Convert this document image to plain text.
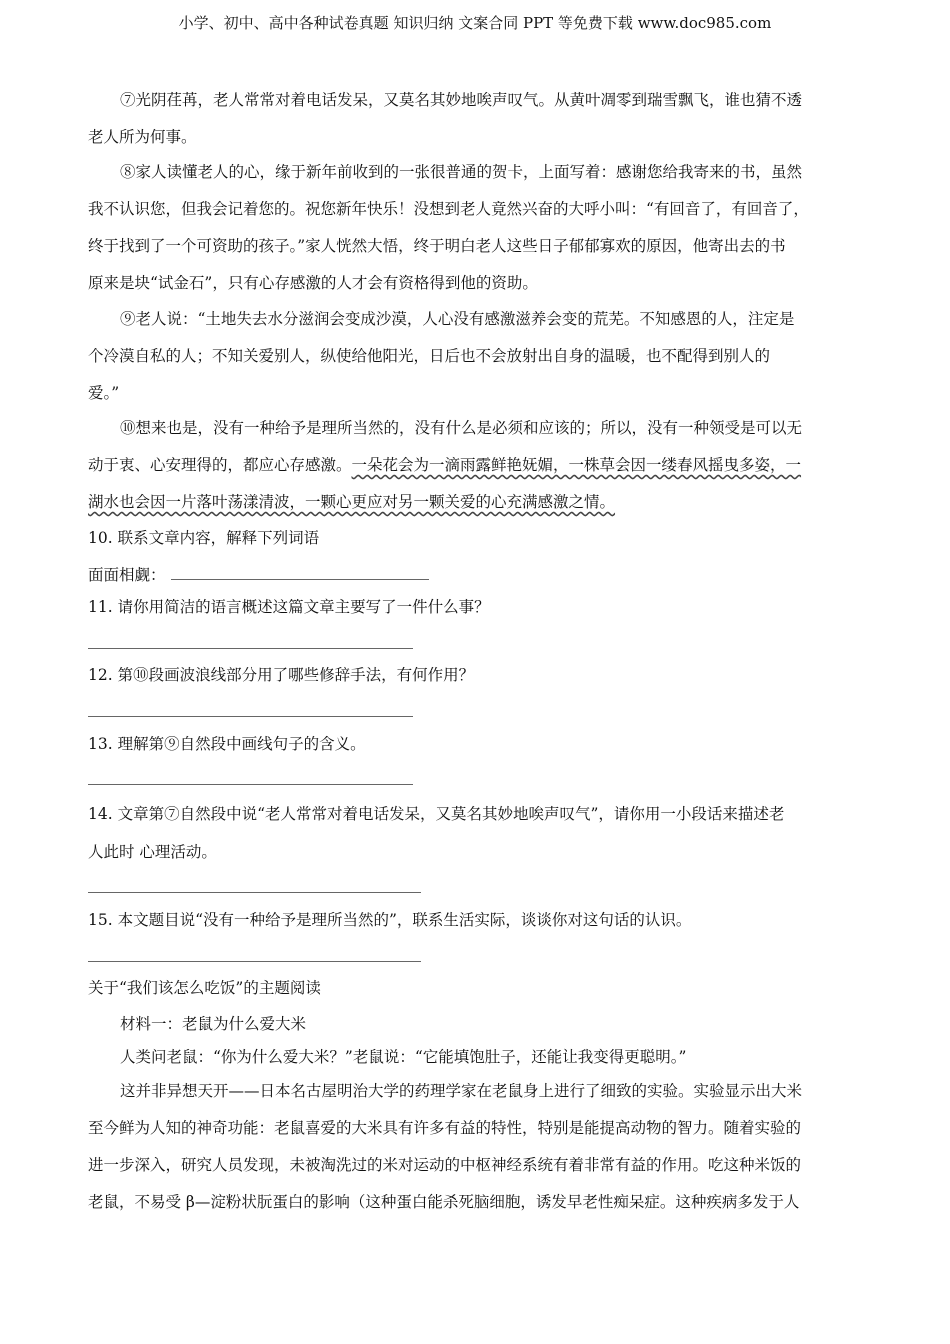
小学、初中、高中各种试卷真题 知识归纳 文案合同 PPT 等免费下载 www.doc985.com
⑦光阴荏苒，老人常常对着电话发呆，又莫名其妙地唉声叹气。从黄叶凋零到瑞雪飘飞，谁也猜不透
老人所为何事。
⑧家人读懂老人的心，缘于新年前收到的一张很普通的贺卡，上面写着：感谢您给我寄来的书，虽然
我不认识您，但我会记着您的。祝您新年快乐！没想到老人竟然兴奋的大呼小叫：“有回音了，有回音了，
终于找到了一个可资助的孩子。”家人恍然大悟，终于明白老人这些日子郁郁寡欢的原因，他寄出去的书
原来是块“试金石”，只有心存感激的人才会有资格得到他的资助。
⑨老人说：“土地失去水分滋润会变成沙漠，人心没有感激滋养会变的荒芜。不知感恩的人，注定是
个冷漠自私的人；不知关爱别人，纵使给他阳光，日后也不会放射出自身的温暖，也不配得到别人的
爱。”
⑩想来也是，没有一种给予是理所当然的，没有什么是必须和应该的；所以，没有一种领受是可以无
动于衷、心安理得的，都应心存感激。一朵花会为一滴雨露鲜艳妩媚，一株草会因一缕春风摇曳多姿，一
湖水也会因一片落叶荡漾清波，一颗心更应对另一颗关爱的心充满感激之情。
10. 联系文章内容，解释下列词语
面面相觑：
11. 请你用简洁的语言概述这篇文章主要写了一件什么事？
12. 第⑩段画波浪线部分用了哪些修辞手法，有何作用？
13. 理解第⑨自然段中画线句子的含义。
14. 文章第⑦自然段中说“老人常常对着电话发呆，又莫名其妙地唉声叹气”，请你用一小段话来描述老
人此时 心理活动。
15. 本文题目说“没有一种给予是理所当然的”，联系生活实际，谈谈你对这句话的认识。
关于“我们该怎么吃饭”的主题阅读
材料一：老鼠为什么爱大米
人类问老鼠：“你为什么爱大米？”老鼠说：“它能填饱肚子，还能让我变得更聪明。”
这并非异想天开——日本名古屋明治大学的药理学家在老鼠身上进行了细致的实验。实验显示出大米
至今鲜为人知的神奇功能：老鼠喜爱的大米具有许多有益的特性，特别是能提高动物的智力。随着实验的
进一步深入，研究人员发现，未被淘洗过的米对运动的中枢神经系统有着非常有益的作用。吃这种米饭的
老鼠，不易受 β—淀粉状朊蛋白的影响（这种蛋白能杀死脑细胞，诱发早老性痴呆症。这种疾病多发于人
